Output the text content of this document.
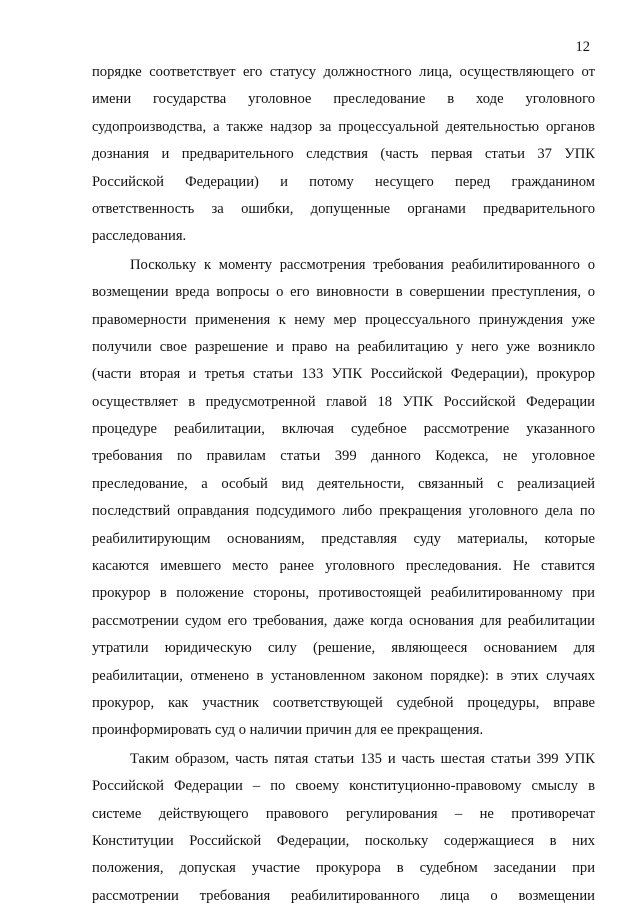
12
порядке соответствует его статусу должностного лица, осуществляющего от
имени государства уголовное преследование в ходе уголовного
судопроизводства, а также надзор за процессуальной деятельностью органов
дознания и предварительного следствия (часть первая статьи 37 УПК
Российской Федерации) и потому несущего перед гражданином
ответственность за ошибки, допущенные органами предварительного
расследования.
Поскольку к моменту рассмотрения требования реабилитированного о
возмещении вреда вопросы о его виновности в совершении преступления, о
правомерности применения к нему мер процессуального принуждения уже
получили свое разрешение и право на реабилитацию у него уже возникло
(части вторая и третья статьи 133 УПК Российской Федерации), прокурор
осуществляет в предусмотренной главой 18 УПК Российской Федерации
процедуре реабилитации, включая судебное рассмотрение указанного
требования по правилам статьи 399 данного Кодекса, не уголовное
преследование, а особый вид деятельности, связанный с реализацией
последствий оправдания подсудимого либо прекращения уголовного дела по
реабилитирующим основаниям, представляя суду материалы, которые
касаются имевшего место ранее уголовного преследования. Не ставится
прокурор в положение стороны, противостоящей реабилитированному при
рассмотрении судом его требования, даже когда основания для реабилитации
утратили юридическую силу (решение, являющееся основанием для
реабилитации, отменено в установленном законом порядке): в этих случаях
прокурор, как участник соответствующей судебной процедуры, вправе
проинформировать суд о наличии причин для ее прекращения.
Таким образом, часть пятая статьи 135 и часть шестая статьи 399 УПК
Российской Федерации – по своему конституционно-правовому смыслу в
системе действующего правового регулирования – не противоречат
Конституции Российской Федерации, поскольку содержащиеся в них
положения, допуская участие прокурора в судебном заседании при
рассмотрении требования реабилитированного лица о возмещении
